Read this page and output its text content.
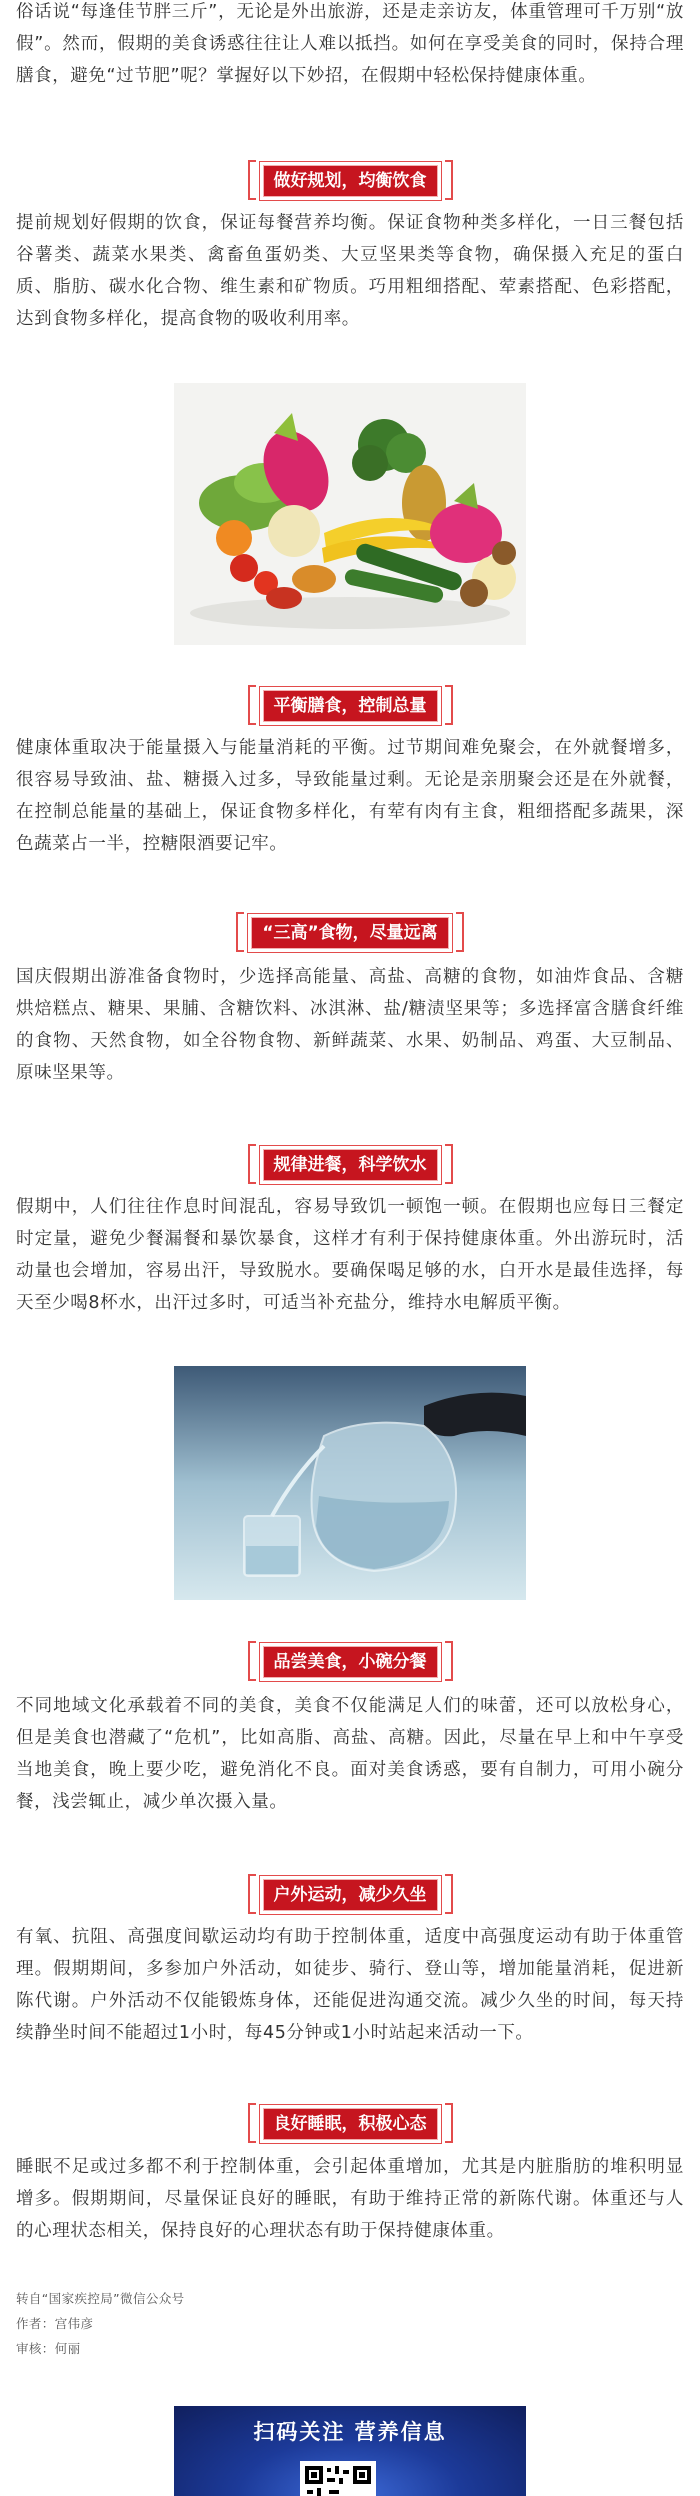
俗话说“每逢佳节胖三斤”，无论是外出旅游，还是走亲访友，体重管理可千万别“放假”。然而，假期的美食诱惑往往让人难以抵挡。如何在享受美食的同时，保持合理膳食，避免“过节肥”呢？掌握好以下妙招，在假期中轻松保持健康体重。

做好规划，均衡饮食

提前规划好假期的饮食，保证每餐营养均衡。保证食物种类多样化，一日三餐包括谷薯类、蔬菜水果类、禽畜鱼蛋奶类、大豆坚果类等食物，确保摄入充足的蛋白质、脂肪、碳水化合物、维生素和矿物质。巧用粗细搭配、荤素搭配、色彩搭配，达到食物多样化，提高食物的吸收利用率。

平衡膳食，控制总量

健康体重取决于能量摄入与能量消耗的平衡。过节期间难免聚会，在外就餐增多，很容易导致油、盐、糖摄入过多，导致能量过剩。无论是亲朋聚会还是在外就餐，在控制总能量的基础上，保证食物多样化，有荤有肉有主食，粗细搭配多蔬果，深色蔬菜占一半，控糖限酒要记牢。

“三高”食物，尽量远离

国庆假期出游准备食物时，少选择高能量、高盐、高糖的食物，如油炸食品、含糖烘焙糕点、糖果、果脯、含糖饮料、冰淇淋、盐/糖渍坚果等；多选择富含膳食纤维的食物、天然食物，如全谷物食物、新鲜蔬菜、水果、奶制品、鸡蛋、大豆制品、原味坚果等。

规律进餐，科学饮水

假期中，人们往往作息时间混乱，容易导致饥一顿饱一顿。在假期也应每日三餐定时定量，避免少餐漏餐和暴饮暴食，这样才有利于保持健康体重。外出游玩时，活动量也会增加，容易出汗，导致脱水。要确保喝足够的水，白开水是最佳选择，每天至少喝8杯水，出汗过多时，可适当补充盐分，维持水电解质平衡。

品尝美食，小碗分餐

不同地域文化承载着不同的美食，美食不仅能满足人们的味蕾，还可以放松身心，但是美食也潜藏了“危机”，比如高脂、高盐、高糖。因此，尽量在早上和中午享受当地美食，晚上要少吃，避免消化不良。面对美食诱惑，要有自制力，可用小碗分餐，浅尝辄止，减少单次摄入量。

户外运动，减少久坐

有氧、抗阻、高强度间歇运动均有助于控制体重，适度中高强度运动有助于体重管理。假期期间，多参加户外活动，如徒步、骑行、登山等，增加能量消耗，促进新陈代谢。户外活动不仅能锻炼身体，还能促进沟通交流。减少久坐的时间，每天持续静坐时间不能超过1小时，每45分钟或1小时站起来活动一下。

良好睡眠，积极心态

睡眠不足或过多都不利于控制体重，会引起体重增加，尤其是内脏脂肪的堆积明显增多。假期期间，尽量保证良好的睡眠，有助于维持正常的新陈代谢。体重还与人的心理状态相关，保持良好的心理状态有助于保持健康体重。

转自“国家疾控局”微信公众号
作者：宫伟彦
审核：何丽
扫码关注 营养信息
